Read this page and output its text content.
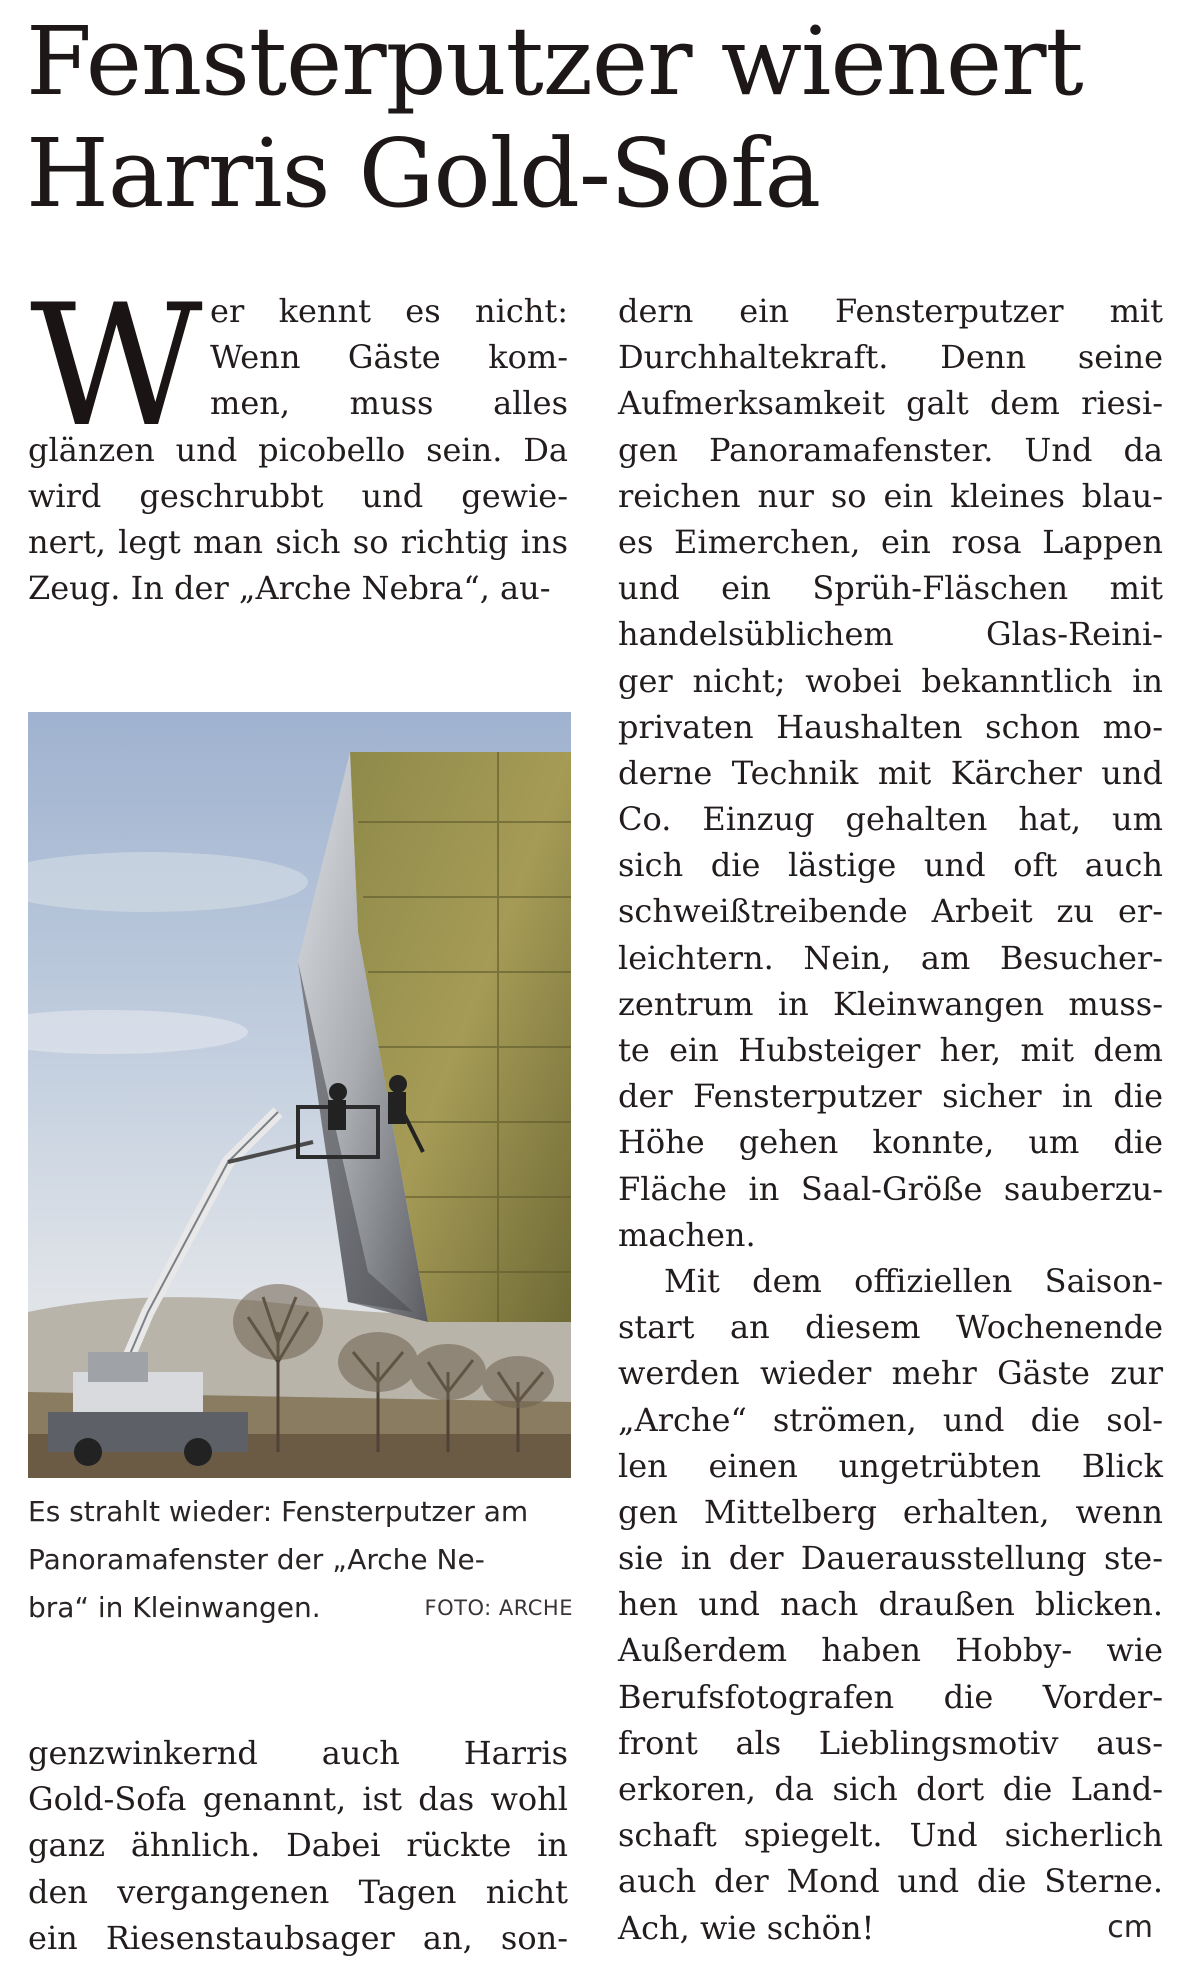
Fensterputzer wienert
Harris Gold-Sofa
W er kennt es nicht:
Wenn Gäste kom-
men, muss alles
glänzen und picobello sein. Da
wird geschrubbt und gewie-
nert, legt man sich so richtig ins
Zeug. In der „Arche Nebra“, au-
Es strahlt wieder: Fensterputzer am
Panoramafenster der „Arche Ne-
bra“ in Kleinwangen.	FOTO: ARCHE
genzwinkernd auch Harris
Gold-Sofa genannt, ist das wohl
ganz ähnlich. Dabei rückte in
den vergangenen Tagen nicht
ein Riesenstaubsager an, son-
dern ein Fensterputzer mit
Durchhaltekraft. Denn seine
Aufmerksamkeit galt dem riesi-
gen Panoramafenster. Und da
reichen nur so ein kleines blau-
es Eimerchen, ein rosa Lappen
und ein Sprüh-Fläschen mit
handelsüblichem Glas-Reini-
ger nicht; wobei bekanntlich in
privaten Haushalten schon mo-
derne Technik mit Kärcher und
Co. Einzug gehalten hat, um
sich die lästige und oft auch
schweißtreibende Arbeit zu er-
leichtern. Nein, am Besucher-
zentrum in Kleinwangen muss-
te ein Hubsteiger her, mit dem
der Fensterputzer sicher in die
Höhe gehen konnte, um die
Fläche in Saal-Größe sauberzu-
machen.
Mit dem offiziellen Saison-
start an diesem Wochenende
werden wieder mehr Gäste zur
„Arche“ strömen, und die sol-
len einen ungetrübten Blick
gen Mittelberg erhalten, wenn
sie in der Dauerausstellung ste-
hen und nach draußen blicken.
Außerdem haben Hobby- wie
Berufsfotografen die Vorder-
front als Lieblingsmotiv aus-
erkoren, da sich dort die Land-
schaft spiegelt. Und sicherlich
auch der Mond und die Sterne.
Ach, wie schön!	cm
